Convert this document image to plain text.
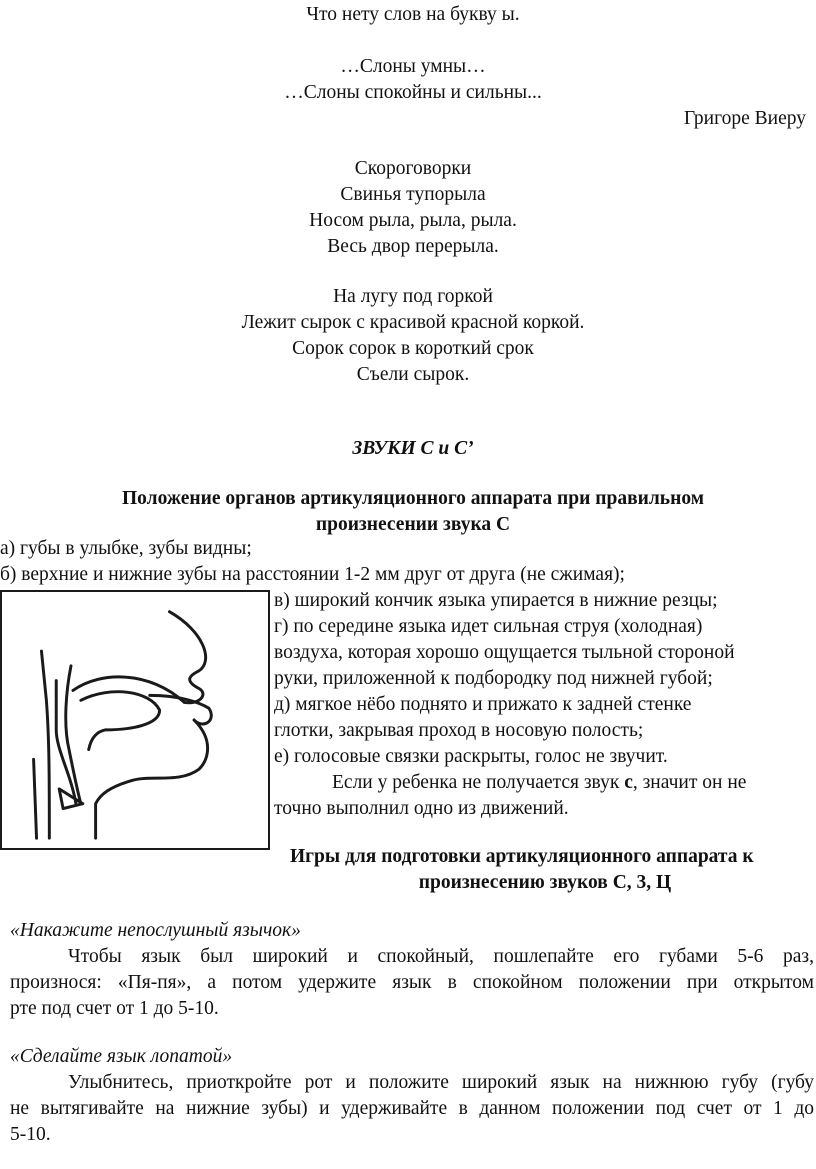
Что нету слов на букву ы.
…Слоны умны…
…Слоны спокойны и сильны...
Григоре Виеру
Скороговорки
Свинья тупорыла
Носом рыла, рыла, рыла.
Весь двор перерыла.
На лугу под горкой
Лежит сырок с красивой красной коркой.
Сорок сорок в короткий срок
Съели сырок.
ЗВУКИ С и С’
Положение органов артикуляционного аппарата при правильном
произнесении звука С
а) губы в улыбке, зубы видны;
б) верхние и нижние зубы на расстоянии 1-2 мм друг от друга (не сжимая);
в) широкий кончик языка упирается в нижние резцы;
г) по середине языка идет сильная струя (холодная)
воздуха, которая хорошо ощущается тыльной стороной
руки, приложенной к подбородку под нижней губой;
д) мягкое нёбо поднято и прижато к задней стенке
глотки, закрывая проход в носовую полость;
е) голосовые связки раскрыты, голос не звучит.
Если у ребенка не получается звук с, значит он не
точно выполнил одно из движений.
Игры для подготовки артикуляционного аппарата к
произнесению звуков С, 3, Ц
«Накажите непослушный язычок»
Чтобы язык был широкий и спокойный, пошлепайте его губами 5-6 раз,
произнося: «Пя-пя», а потом удержите язык в спокойном положении при открытом
рте под счет от 1 до 5-10.
«Сделайте язык лопатой»
Улыбнитесь, приоткройте рот и положите широкий язык на нижнюю губу (губу
не вытягивайте на нижние зубы) и удерживайте в данном положении под счет от 1 до
5-10.
